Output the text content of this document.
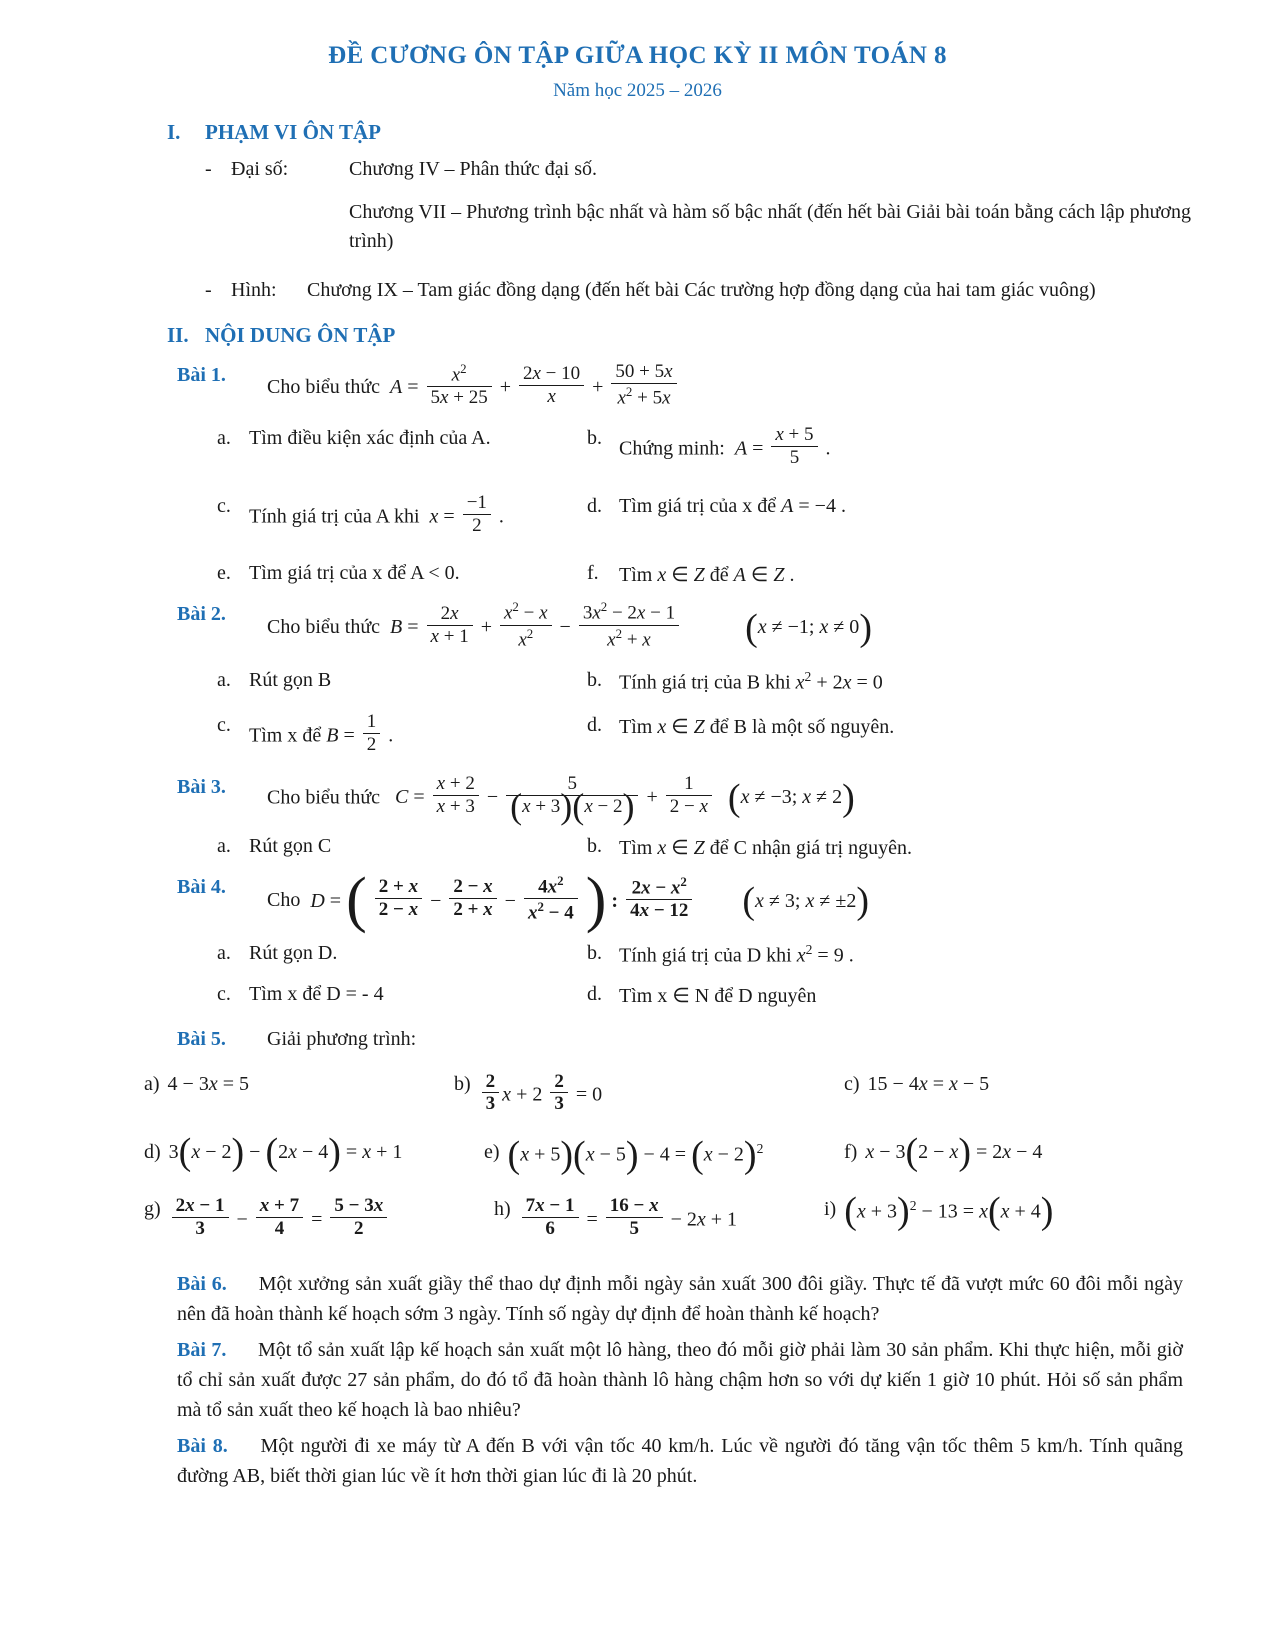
ĐỀ CƯƠNG ÔN TẬP GIỮA HỌC KỲ II MÔN TOÁN 8
Năm học 2025 – 2026
I.	PHẠM VI ÔN TẬP
- Đại số:	Chương IV – Phân thức đại số.
Chương VII – Phương trình bậc nhất và hàm số bậc nhất (đến hết bài Giải bài toán bằng cách lập phương trình)
- Hình:	Chương IX – Tam giác đồng dạng (đến hết bài Các trường hợp đồng dạng của hai tam giác vuông)
II. NỘI DUNG ÔN TẬP
Bài 1.
Cho biểu thức $A = \frac{x^2}{5x + 25} + \frac{2x - 10}{x} + \frac{50 + 5x}{x^2 + 5x}$
a. Tìm điều kiện xác định của A.	b. Chứng minh:  $A = \frac{x + 5}{5}$ .
c. Tính giá trị của A khi  $x = \frac{-1}{2}$ .	d. Tìm giá trị của x để A = −4 .
e. Tìm giá trị của x để A < 0.	f.	Tìm x ∈ Z để A ∈ Z .
Bài 2.
Cho biểu thức $B = \frac{2x}{x + 1} + \frac{x^2 - x}{x^2} - \frac{3x^2 - 2x - 1}{x^2 + x} (x \ne -1$; x ≠ 0)
a. Rút gọn B	b. Tính giá trị của B khi $x^2 + 2x = 0$
c. Tìm x để $B = \frac{1}{2}$ .	d. Tìm x ∈ Z để B là một số nguyên.
Bài 3.	Cho biểu thức $C = \frac{x + 2}{x + 3} - \frac{5}{(x + 3)(x - 2)} + \frac{1}{2 - x} (x \ne -3$; x ≠ 2)
a. Rút gọn C	b. Tìm x ∈ Z để C nhận giá trị nguyên.
Bài 4.
Cho D = ( $\frac{2 + x}{2 - x} - \frac{2 - x}{2 + x} - \frac{4x^2}{x^2 - 4}$ ) : $\frac{2x - x^2}{4x - 12} (x \ne 3$; x ≠ ±2)
a. Rút gọn D.	b. Tính giá trị của D khi $x^2 = 9$ .
c. Tìm x để D = - 4	d. Tìm x ∈ N để D nguyên
Bài 5.	Giải phương trình:
a) 4 − 3x = 5	$b) \frac{2}{3}$ $x + 2 \frac{2}{3} = 0$	c) 15 − 4x = x − 5
d) 3(x − 2) − (2x − 4) = x + 1	e) $(x + 5)(x - 5) - 4 = (x - 2)^2$	f) x − 3(2 − x) = 2x − 4
$g) \frac{2x - 1}{3} - \frac{x + 7}{4} = \frac{5 - 3x}{2}$	$h) \frac{7x - 1}{6} = \frac{16 - x}{5} - 2x + 1$	i) $(x + 3)^2 - 13 = x(x + 4)$
Bài 6. Một xưởng sản xuất giầy thể thao dự định mỗi ngày sản xuất 300 đôi giầy. Thực tế đã vượt mức 60 đôi mỗi ngày nên đã hoàn thành kế hoạch sớm 3 ngày. Tính số ngày dự định để hoàn thành kế hoạch?
Bài 7. Một tổ sản xuất lập kế hoạch sản xuất một lô hàng, theo đó mỗi giờ phải làm 30 sản phẩm. Khi thực hiện, mỗi giờ tổ chỉ sản xuất được 27 sản phẩm, do đó tổ đã hoàn thành lô hàng chậm hơn so với dự kiến 1 giờ 10 phút. Hỏi số sản phẩm mà tổ sản xuất theo kế hoạch là bao nhiêu?
Bài 8. Một người đi xe máy từ A đến B với vận tốc 40 km/h. Lúc về người đó tăng vận tốc thêm 5 km/h. Tính quãng đường AB, biết thời gian lúc về ít hơn thời gian lúc đi là 20 phút.
